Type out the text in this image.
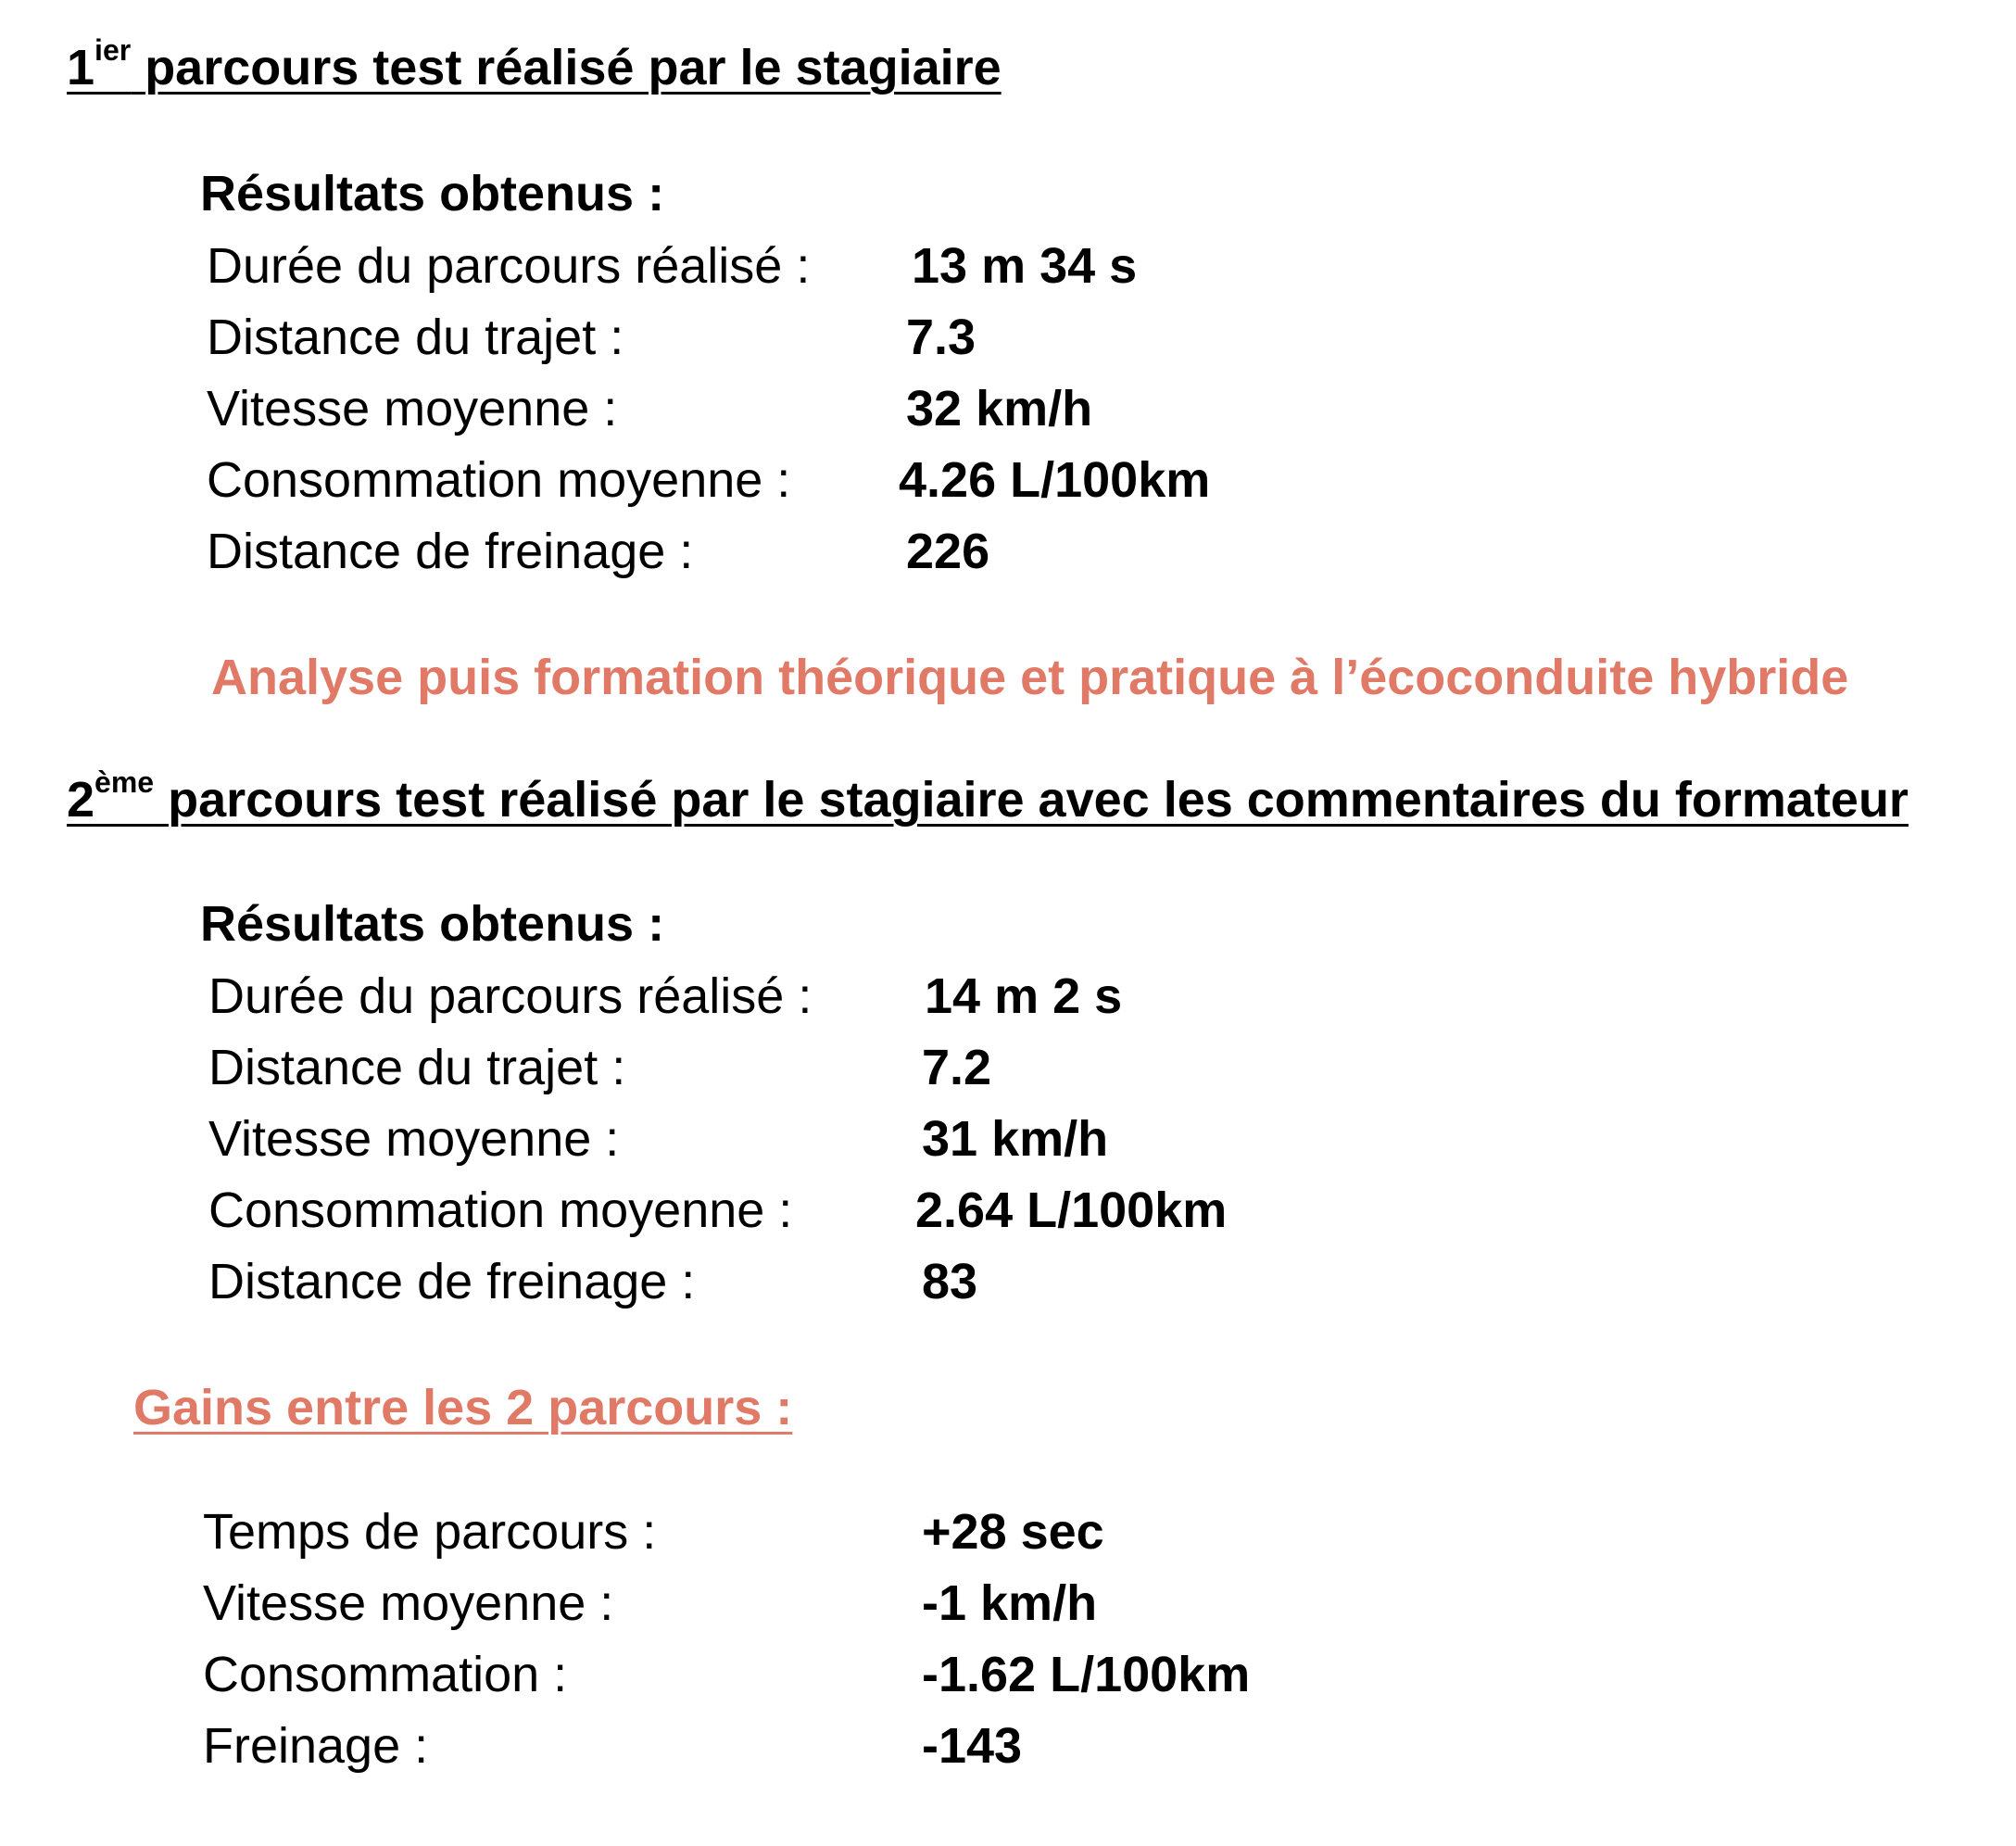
$1^{ier}$ parcours test réalisé par le stagiaire
Résultats obtenus :
Durée du parcours réalisé : 13 m 34 s
Distance du trajet :	7.3
Vitesse moyenne :	32 km/h
Consommation moyenne : 4.26 L/100km
Distance de freinage :	226
Analyse puis formation théorique et pratique à l’écoconduite hybride
2ème parcours test réalisé par le stagiaire avec les commentaires du formateur
Résultats obtenus :
Durée du parcours réalisé : 14 m 2 s
Distance du trajet :	7.2
Vitesse moyenne :	31 km/h
Consommation moyenne : 2.64 L/100km
Distance de freinage :	83
Gains entre les 2 parcours :
Temps de parcours :	+28 sec
Vitesse moyenne :	-1 km/h
Consommation :	-1.62 L/100km
Freinage :	-143
